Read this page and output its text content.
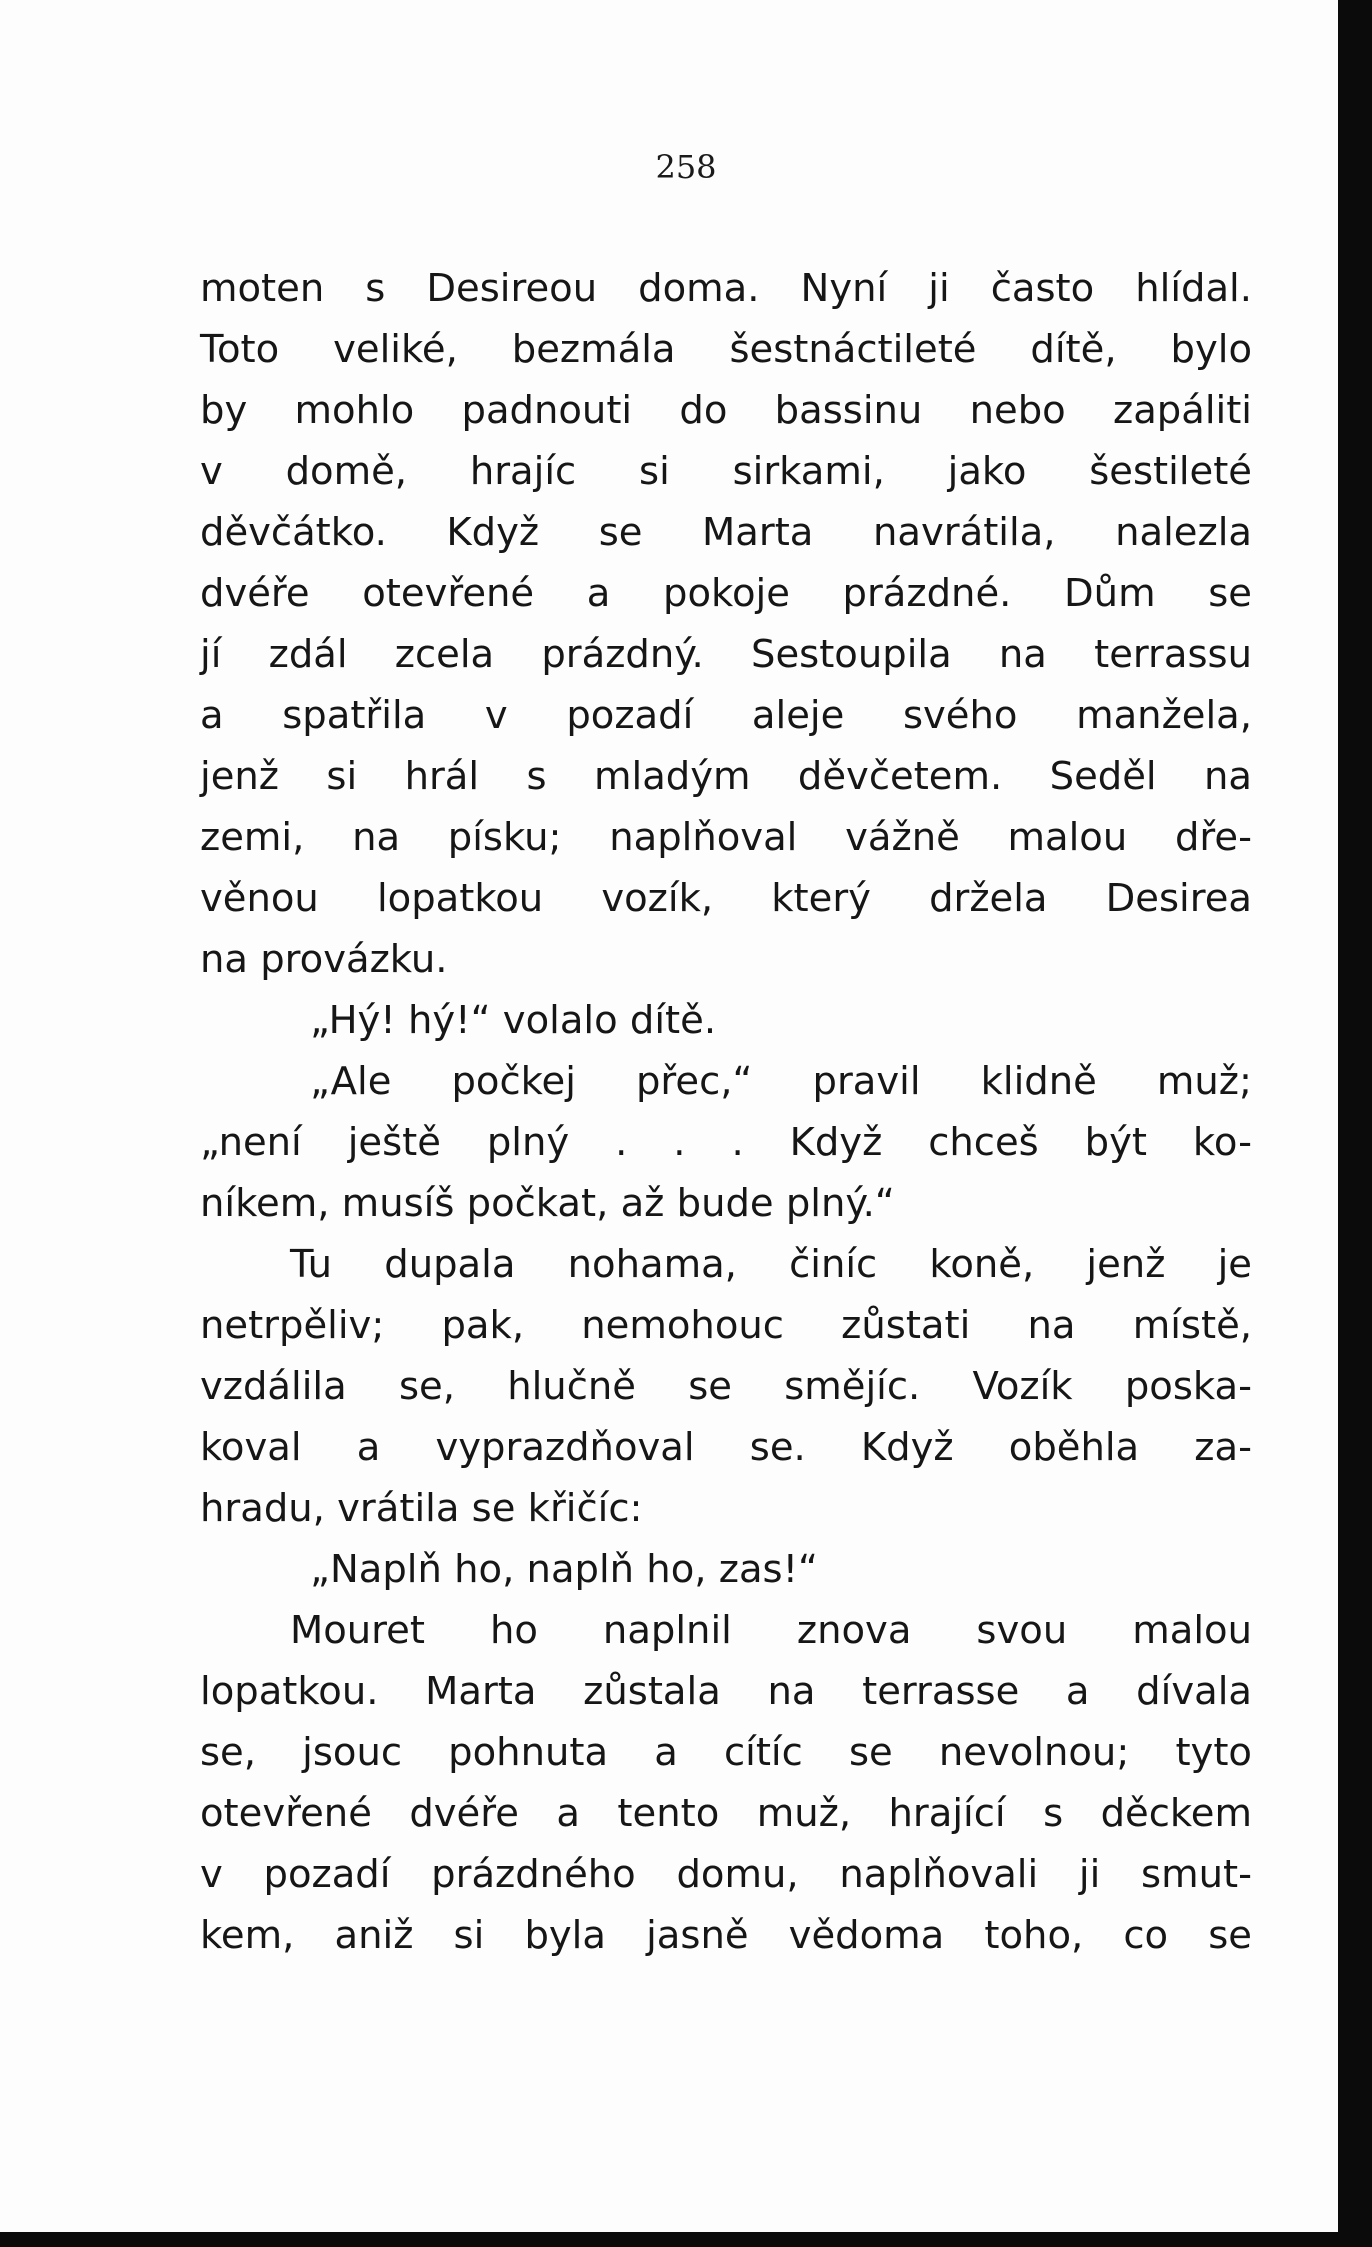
258
moten s Desireou doma. Nyní ji často hlídal.
Toto veliké, bezmála šestnáctileté dítě, bylo
by mohlo padnouti do bassinu nebo zapáliti
v domě, hrajíc si sirkami, jako šestileté
děvčátko. Když se Marta navrátila, nalezla
dvéře otevřené a pokoje prázdné. Dům se
jí zdál zcela prázdný. Sestoupila na terrassu
a spatřila v pozadí aleje svého manžela,
jenž si hrál s mladým děvčetem. Seděl na
zemi, na písku; naplňoval vážně malou dře-
věnou lopatkou vozík, který držela Desirea
na provázku.
„Hý! hý!“ volalo dítě.
„Ale počkej přec,“ pravil klidně muž;
„není ještě plný . . . Když chceš být ko-
níkem, musíš počkat, až bude plný.“
Tu dupala nohama, činíc koně, jenž je
netrpěliv; pak, nemohouc zůstati na místě,
vzdálila se, hlučně se smějíc. Vozík poska-
koval a vyprazdňoval se. Když oběhla za-
hradu, vrátila se křičíc:
„Naplň ho, naplň ho, zas!“
Mouret ho naplnil znova svou malou
lopatkou. Marta zůstala na terrasse a dívala
se, jsouc pohnuta a cítíc se nevolnou; tyto
otevřené dvéře a tento muž, hrající s děckem
v pozadí prázdného domu, naplňovali ji smut-
kem, aniž si byla jasně vědoma toho, co se
